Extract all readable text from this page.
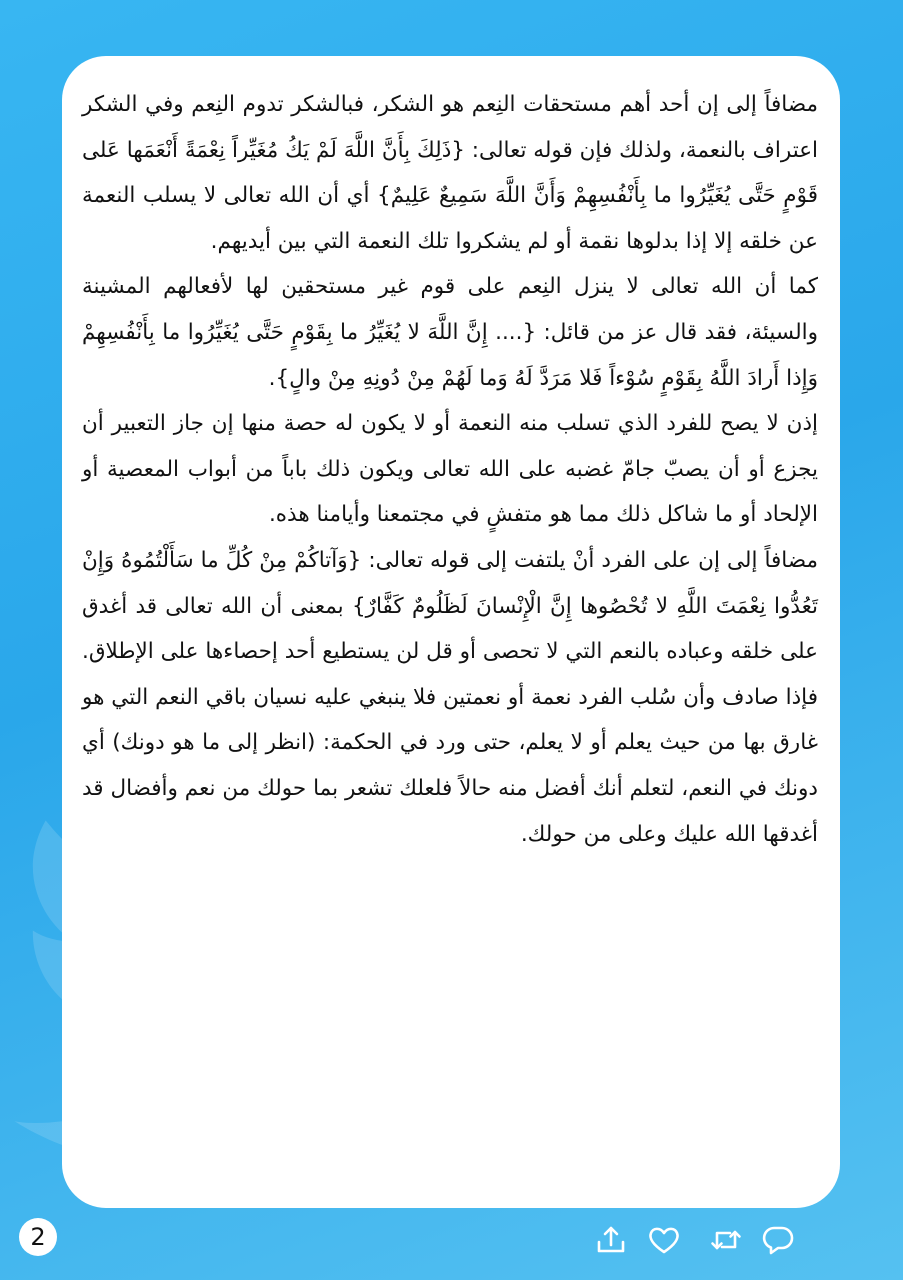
مضافاً إلى إن أحد أهم مستحقات النِعم هو الشكر، فبالشكر تدوم النِعم وفي الشكر اعتراف بالنعمة، ولذلك فإن قوله تعالى: {ذَلِكَ بِأَنَّ اللَّهَ لَمْ يَكُ مُغَيِّراً نِعْمَةً أَنْعَمَها عَلى قَوْمٍ حَتَّى يُغَيِّرُوا ما بِأَنْفُسِهِمْ وَأَنَّ اللَّهَ سَمِيعٌ عَلِيمٌ} أي أن الله تعالى لا يسلب النعمة عن خلقه إلا إذا بدلوها نقمة أو لم يشكروا تلك النعمة التي بين أيديهم.

كما أن الله تعالى لا ينزل النِعم على قوم غير مستحقين لها لأفعالهم المشينة والسيئة، فقد قال عز من قائل: {.... إِنَّ اللَّهَ لا يُغَيِّرُ ما بِقَوْمٍ حَتَّى يُغَيِّرُوا ما بِأَنْفُسِهِمْ وَإِذا أَرادَ اللَّهُ بِقَوْمٍ سُوْءاً فَلا مَرَدَّ لَهُ وَما لَهُمْ مِنْ دُونِهِ مِنْ والٍ}.

إذن لا يصح للفرد الذي تسلب منه النعمة أو لا يكون له حصة منها إن جاز التعبير أن يجزع أو أن يصبّ جامّ غضبه على الله تعالى ويكون ذلك باباً من أبواب المعصية أو الإلحاد أو ما شاكل ذلك مما هو متفشٍ في مجتمعنا وأيامنا هذه.

مضافاً إلى إن على الفرد أنْ يلتفت إلى قوله تعالى: {وَآتاكُمْ مِنْ كُلِّ ما سَأَلْتُمُوهُ وَإِنْ تَعُدُّوا نِعْمَتَ اللَّهِ لا تُحْصُوها إِنَّ الْإِنْسانَ لَظَلُومٌ كَفَّارٌ} بمعنى أن الله تعالى قد أغدق على خلقه وعباده بالنعم التي لا تحصى أو قل لن يستطيع أحد إحصاءها على الإطلاق. فإذا صادف وأن سُلب الفرد نعمة أو نعمتين فلا ينبغي عليه نسيان باقي النعم التي هو غارق بها من حيث يعلم أو لا يعلم، حتى ورد في الحكمة: (انظر إلى ما هو دونك) أي دونك في النعم، لتعلم أنك أفضل منه حالاً فلعلك تشعر بما حولك من نعم وأفضال قد أغدقها الله عليك وعلى من حولك.

2
